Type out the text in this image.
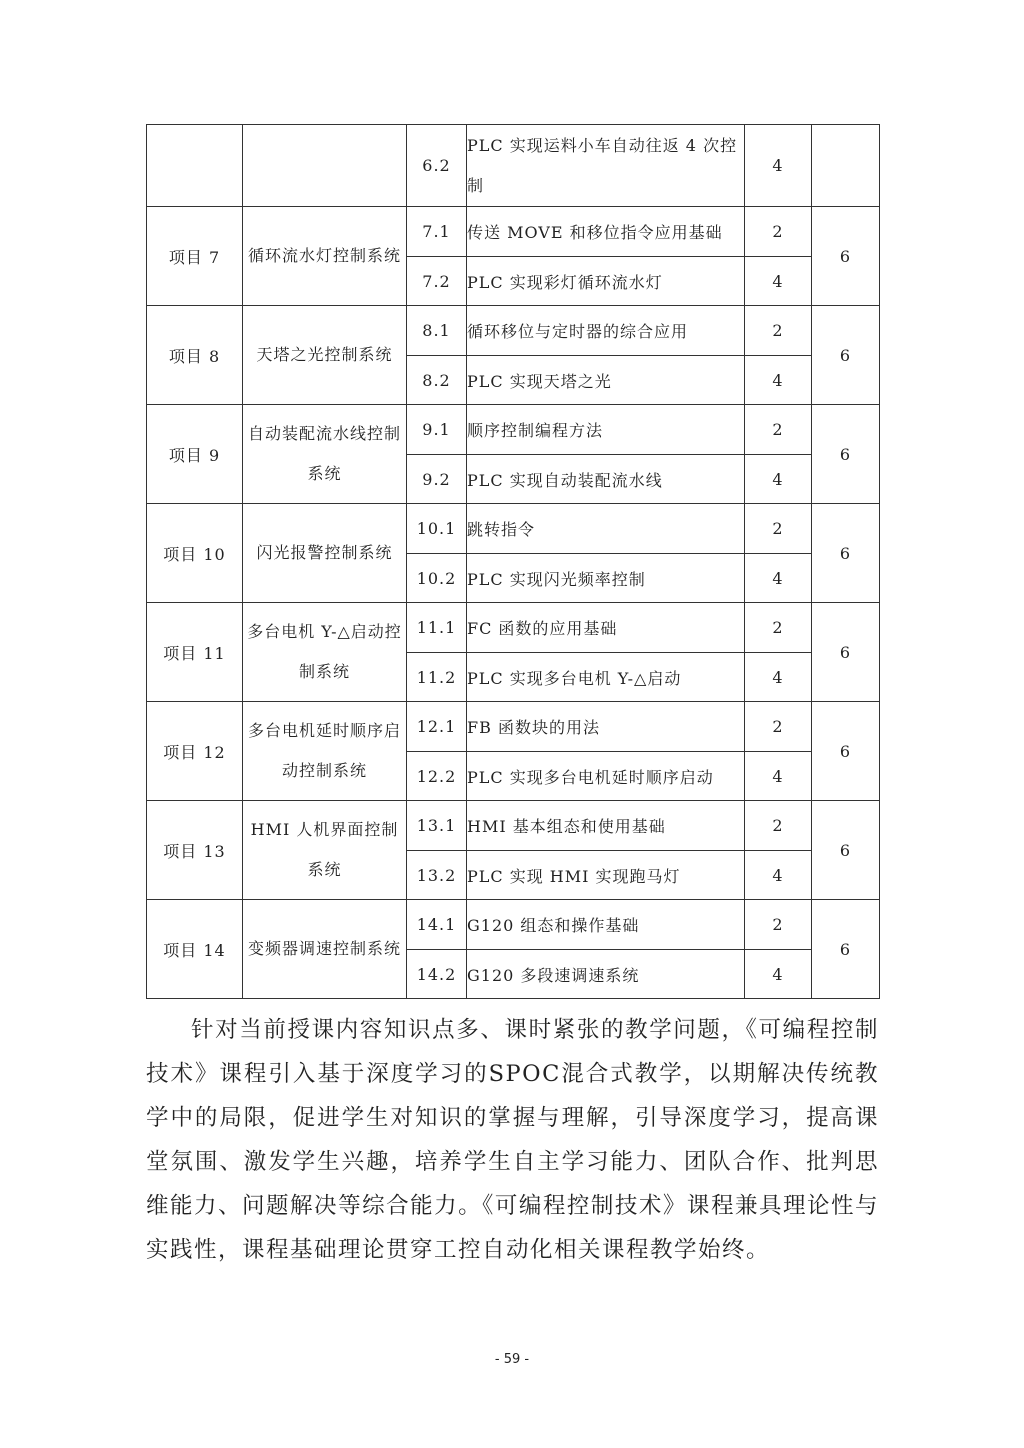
		6.2	PLC 实现运料小车自动往返 4 次控制	4	
项目 7	循环流水灯控制系统	7.1	传送 MOVE 和移位指令应用基础	2	6
		7.2	PLC 实现彩灯循环流水灯	4	
项目 8	天塔之光控制系统	8.1	循环移位与定时器的综合应用	2	6
		8.2	PLC 实现天塔之光	4	
项目 9	自动装配流水线控制系统	9.1	顺序控制编程方法	2	6
		9.2	PLC 实现自动装配流水线	4	
项目 10	闪光报警控制系统	10.1	跳转指令	2	6
		10.2	PLC 实现闪光频率控制	4	
项目 11	多台电机 Y-△启动控制系统	11.1	FC 函数的应用基础	2	6
		11.2	PLC 实现多台电机 Y-△启动	4	
项目 12	多台电机延时顺序启动控制系统	12.1	FB 函数块的用法	2	6
		12.2	PLC 实现多台电机延时顺序启动	4	
项目 13	HMI 人机界面控制系统	13.1	HMI 基本组态和使用基础	2	6
		13.2	PLC 实现 HMI 实现跑马灯	4	
项目 14	变频器调速控制系统	14.1	G120 组态和操作基础	2	6
		14.2	G120 多段速调速系统	4	

针对当前授课内容知识点多、课时紧张的教学问题，《可编程控制技术》课程引入基于深度学习的SPOC混合式教学，以期解决传统教学中的局限，促进学生对知识的掌握与理解，引导深度学习，提高课堂氛围、激发学生兴趣，培养学生自主学习能力、团队合作、批判思维能力、问题解决等综合能力。《可编程控制技术》课程兼具理论性与实践性，课程基础理论贯穿工控自动化相关课程教学始终。

- 59 -
